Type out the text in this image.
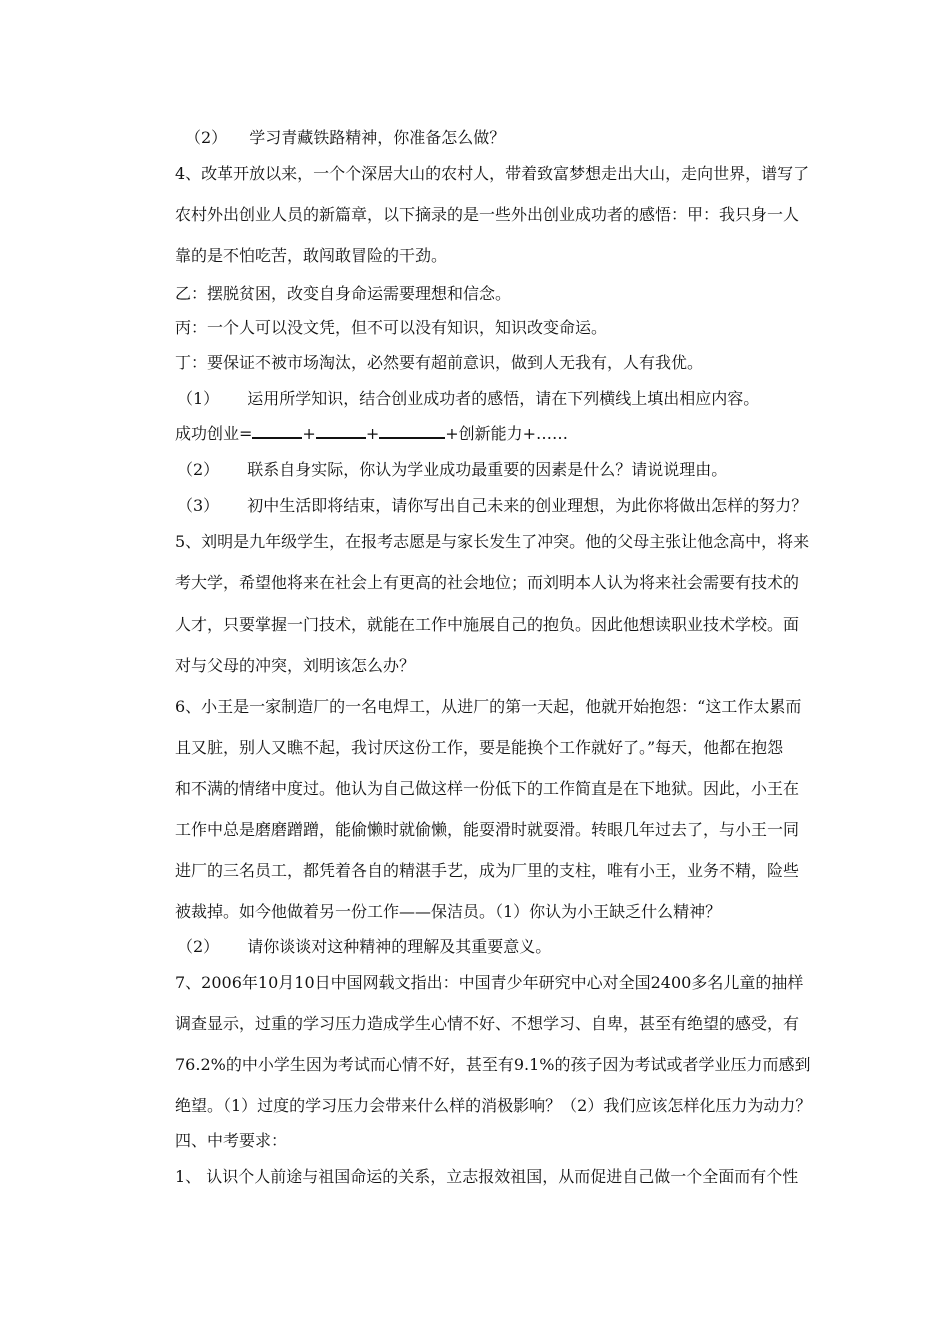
（2） 学习青藏铁路精神，你准备怎么做？
4、改革开放以来，一个个深居大山的农村人，带着致富梦想走出大山，走向世界，谱写了
农村外出创业人员的新篇章，以下摘录的是一些外出创业成功者的感悟：甲：我只身一人
靠的是不怕吃苦，敢闯敢冒险的干劲。
乙：摆脱贫困，改变自身命运需要理想和信念。
丙：一个人可以没文凭，但不可以没有知识，知识改变命运。
丁：要保证不被市场淘汰，必然要有超前意识，做到人无我有，人有我优。
（1） 运用所学知识，结合创业成功者的感悟，请在下列横线上填出相应内容。
成功创业=	+	+	+创新能力+……
（2） 联系自身实际，你认为学业成功最重要的因素是什么？请说说理由。
（3） 初中生活即将结束，请你写出自己未来的创业理想，为此你将做出怎样的努力？
5、刘明是九年级学生，在报考志愿是与家长发生了冲突。他的父母主张让他念高中，将来
考大学，希望他将来在社会上有更高的社会地位；而刘明本人认为将来社会需要有技术的
人才，只要掌握一门技术，就能在工作中施展自己的抱负。因此他想读职业技术学校。面
对与父母的冲突，刘明该怎么办？
6、小王是一家制造厂的一名电焊工，从进厂的第一天起，他就开始抱怨：“这工作太累而
且又脏，别人又瞧不起，我讨厌这份工作，要是能换个工作就好了。”每天，他都在抱怨
和不满的情绪中度过。他认为自己做这样一份低下的工作简直是在下地狱。因此，小王在
工作中总是磨磨蹭蹭，能偷懒时就偷懒，能耍滑时就耍滑。转眼几年过去了，与小王一同
进厂的三名员工，都凭着各自的精湛手艺，成为厂里的支柱，唯有小王，业务不精，险些
被裁掉。如今他做着另一份工作——保洁员。（1）你认为小王缺乏什么精神？
（2） 请你谈谈对这种精神的理解及其重要意义。
7、2006年10月10日中国网载文指出：中国青少年研究中心对全国2400多名儿童的抽样
调查显示，过重的学习压力造成学生心情不好、不想学习、自卑，甚至有绝望的感受，有
76.2%的中小学生因为考试而心情不好，甚至有9.1%的孩子因为考试或者学业压力而感到
绝望。（1）过度的学习压力会带来什么样的消极影响？（2）我们应该怎样化压力为动力？
四、中考要求：
1、 认识个人前途与祖国命运的关系，立志报效祖国，从而促进自己做一个全面而有个性
